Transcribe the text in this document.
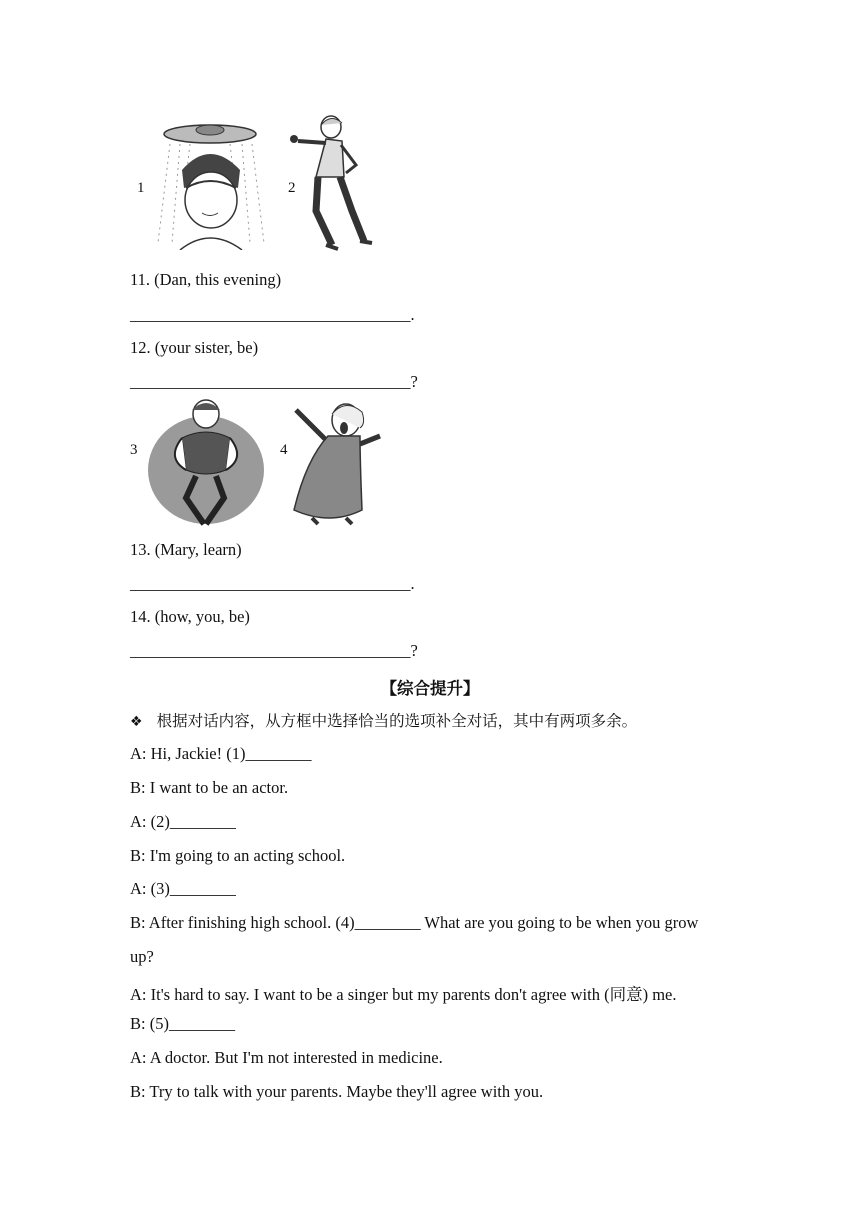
1	2
11. (Dan, this evening)
__________________________________.
12. (your sister, be)
__________________________________?
3	4
13. (Mary, learn)
__________________________________.
14. (how, you, be)
__________________________________?
【综合提升】
❖ 根据对话内容，从方框中选择恰当的选项补全对话，其中有两项多余。
A: Hi, Jackie! (1)________
B: I want to be an actor.
A: (2)________
B: I'm going to an acting school.
A: (3)________
B: After finishing high school. (4)________ What are you going to be when you grow
up?
A: It's hard to say. I want to be a singer but my parents don't agree with (同意) me.
B: (5)________
A: A doctor. But I'm not interested in medicine.
B: Try to talk with your parents. Maybe they'll agree with you.
